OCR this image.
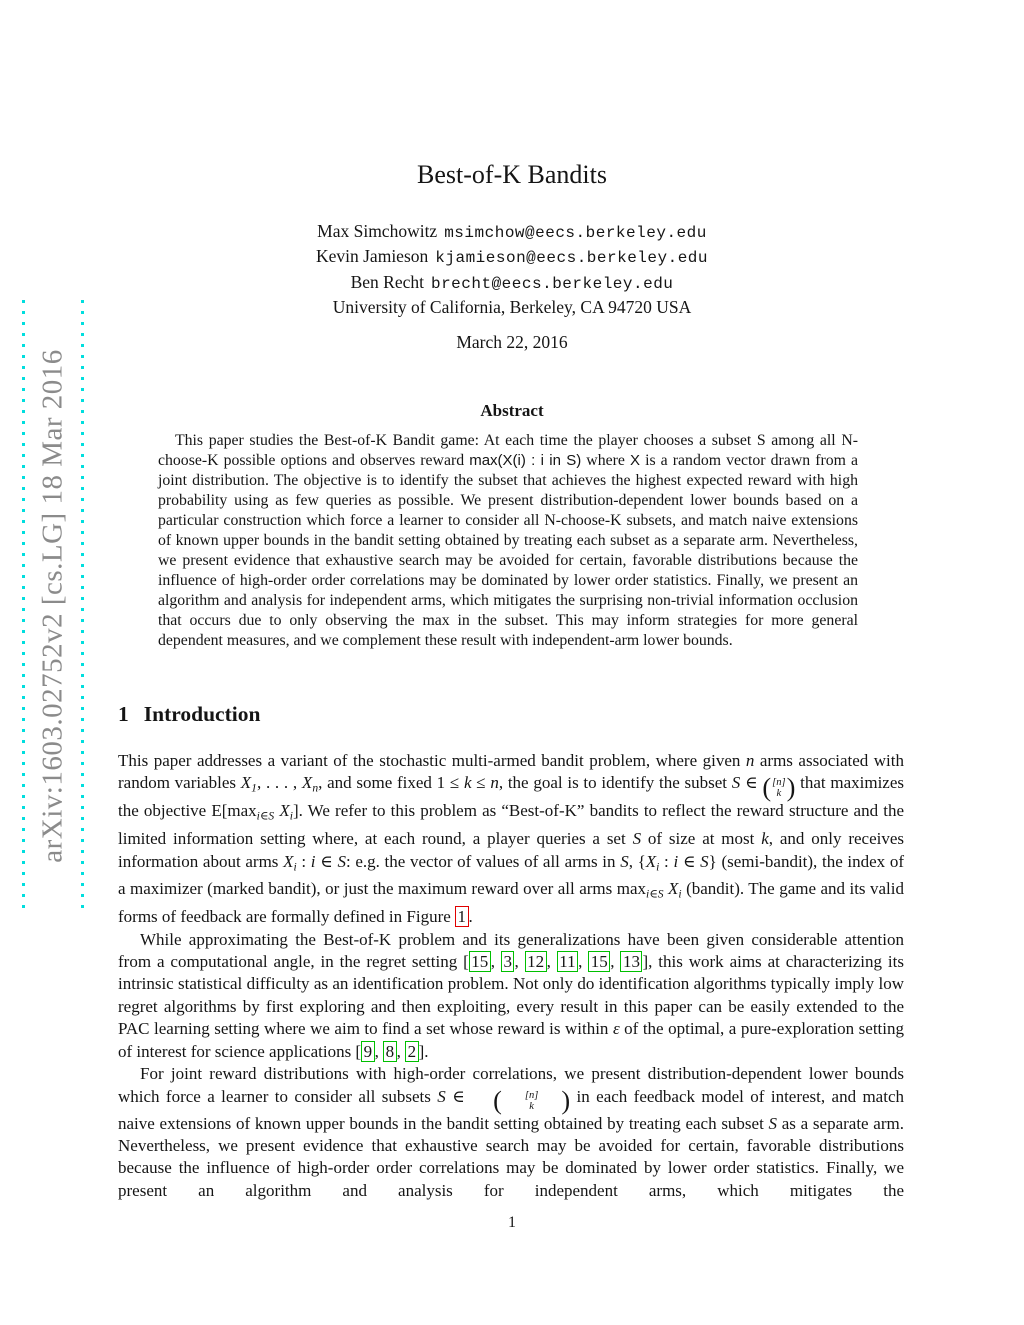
arXiv:1603.02752v2 [cs.LG] 18 Mar 2016
Best-of-K Bandits
Max Simchowitz msimchow@eecs.berkeley.edu
Kevin Jamieson kjamieson@eecs.berkeley.edu
Ben Recht brecht@eecs.berkeley.edu
University of California, Berkeley, CA 94720 USA
March 22, 2016
Abstract
This paper studies the Best-of-K Bandit game: At each time the player chooses a subset S among all N-choose-K possible options and observes reward max(X(i) : i in S) where X is a random vector drawn from a joint distribution. The objective is to identify the subset that achieves the highest expected reward with high probability using as few queries as possible. We present distribution-dependent lower bounds based on a particular construction which force a learner to consider all N-choose-K subsets, and match naive extensions of known upper bounds in the bandit setting obtained by treating each subset as a separate arm. Nevertheless, we present evidence that exhaustive search may be avoided for certain, favorable distributions because the influence of high-order order correlations may be dominated by lower order statistics. Finally, we present an algorithm and analysis for independent arms, which mitigates the surprising non-trivial information occlusion that occurs due to only observing the max in the subset. This may inform strategies for more general dependent measures, and we complement these result with independent-arm lower bounds.
1 Introduction

This paper addresses a variant of the stochastic multi-armed bandit problem, where given n arms associated with random variables $X_1$, . . . , $X_n$, and some fixed 1 ≤ k ≤ n, the goal is to identify the subset S ∈ ( [n]
k ) that maximizes the objective $E[\max_{i\in S}$ $X_i$]. We refer to this problem as “Best-of-K” bandits to reflect the reward structure and the limited information setting where, at each round, a player queries a set S of size at most k, and only receives information about arms $X_i$ : i ∈ S: e.g. the vector of values of all arms in S, {$X_i$ : i ∈ S} (semi-bandit), the index of a maximizer (marked bandit), or just the maximum reward over all arms $\max_{i\in S} X_i$ (bandit). The game and its valid forms of feedback are formally defined in Figure 1 .

While approximating the Best-of-K problem and its generalizations have been given considerable attention from a computational angle, in the regret setting [ 15 , 3 , 12 , 11 , 15 , 13 ], this work aims at characterizing its intrinsic statistical difficulty as an identification problem. Not only do identification algorithms typically imply low regret algorithms by first exploring and then exploiting, every result in this paper can be easily extended to the PAC learning setting where we aim to find a set whose reward is within ε of the optimal, a pure-exploration setting of interest for science applications [ 9 , 8 , 2 ].

For joint reward distributions with high-order correlations, we present distribution-dependent lower bounds which force a learner to consider all subsets S ∈ (	[n]
k	) in each feedback model of interest, and match naive extensions of known upper bounds in the bandit setting obtained by treating each subset S as a separate arm. Nevertheless, we present evidence that exhaustive search may be avoided for certain, favorable distributions because the influence of high-order order correlations may be dominated by lower order statistics. Finally, we present an algorithm and analysis for independent arms, which mitigates the

1
